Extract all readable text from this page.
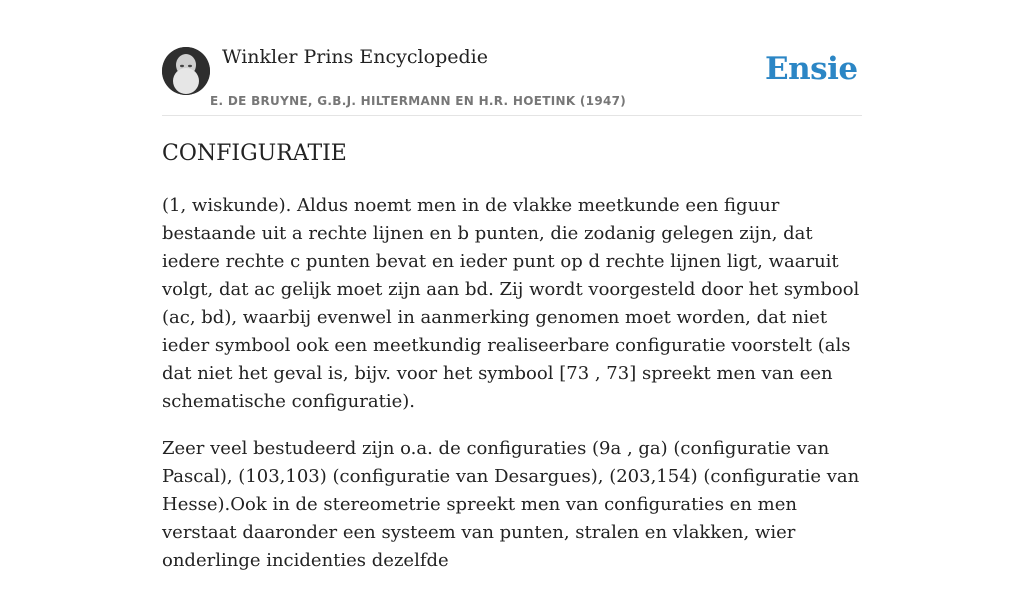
Winkler Prins Encyclopedie
E. DE BRUYNE, G.B.J. HILTERMANN EN H.R. HOETINK (1947)
Ensie
CONFIGURATIE

(1, wiskunde). Aldus noemt men in de vlakke meetkunde een figuur bestaande uit a rechte lijnen en b punten, die zodanig gelegen zijn, dat iedere rechte c punten bevat en ieder punt op d rechte lijnen ligt, waaruit volgt, dat ac gelijk moet zijn aan bd. Zij wordt voorgesteld door het symbool (ac, bd), waarbij evenwel in aanmerking genomen moet worden, dat niet ieder symbool ook een meetkundig realiseerbare configuratie voorstelt (als dat niet het geval is, bijv. voor het symbool [73 , 73] spreekt men van een schematische configuratie).

Zeer veel bestudeerd zijn o.a. de configuraties (9a , ga) (configuratie van Pascal), (103,103) (configuratie van Desargues), (203,154) (configuratie van Hesse).Ook in de stereometrie spreekt men van configuraties en men verstaat daaronder een systeem van punten, stralen en vlakken, wier onderlinge incidenties dezelfde
